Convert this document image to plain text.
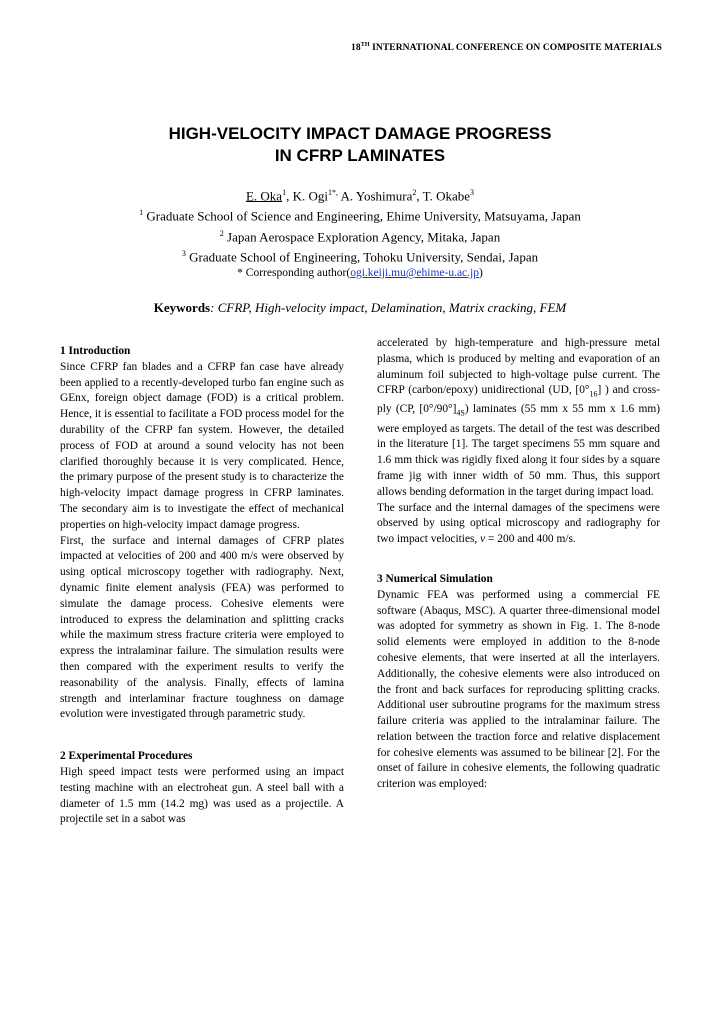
18TH INTERNATIONAL CONFERENCE ON COMPOSITE MATERIALS
HIGH-VELOCITY IMPACT DAMAGE PROGRESS
IN CFRP LAMINATES
E. Oka$^1$, K. Ogi$^{1*,}$ A. Yoshimura$^2$, T. Okabe$^3$
$^1$ Graduate School of Science and Engineering, Ehime University, Matsuyama, Japan
$^2$ Japan Aerospace Exploration Agency, Mitaka, Japan
$^3$ Graduate School of Engineering, Tohoku University, Sendai, Japan
* Corresponding author(ogi.keiji.mu@ehime-u.ac.jp)
Keywords: CFRP, High-velocity impact, Delamination, Matrix cracking, FEM

1 Introduction

Since CFRP fan blades and a CFRP fan case have already been applied to a recently-developed turbo fan engine such as GEnx, foreign object damage (FOD) is a critical problem. Hence, it is essential to facilitate a FOD process model for the durability of the CFRP fan system. However, the detailed process of FOD at around a sound velocity has not been clarified thoroughly because it is very complicated. Hence, the primary purpose of the present study is to characterize the high-velocity impact damage progress in CFRP laminates. The secondary aim is to investigate the effect of mechanical properties on high-velocity impact damage progress.

First, the surface and internal damages of CFRP plates impacted at velocities of 200 and 400 m/s were observed by using optical microscopy together with radiography. Next, dynamic finite element analysis (FEA) was performed to simulate the damage process. Cohesive elements were introduced to express the delamination and splitting cracks while the maximum stress fracture criteria were employed to express the intralaminar failure. The simulation results were then compared with the experiment results to verify the reasonability of the analysis. Finally, effects of lamina strength and interlaminar fracture toughness on damage evolution were investigated through parametric study.

2 Experimental Procedures

High speed impact tests were performed using an impact testing machine with an electroheat gun. A steel ball with a diameter of 1.5 mm (14.2 mg) was used as a projectile. A projectile set in a sabot was

accelerated by high-temperature and high-pressure metal plasma, which is produced by melting and evaporation of an aluminum foil subjected to high-voltage pulse current. The CFRP (carbon/epoxy) unidirectional (UD, $[0^\circ_{16}]$ ) and cross-ply (CP, $[0^\circ/90^\circ]_{4S}$) laminates (55 mm x 55 mm x 1.6 mm) were employed as targets. The detail of the test was described in the literature [1]. The target specimens 55 mm square and 1.6 mm thick was rigidly fixed along it four sides by a square frame jig with inner width of 50 mm. Thus, this support allows bending deformation in the target during impact load.

The surface and the internal damages of the specimens were observed by using optical microscopy and radiography for two impact velocities, v = 200 and 400 m/s.

3 Numerical Simulation

Dynamic FEA was performed using a commercial FE software (Abaqus, MSC). A quarter three-dimensional model was adopted for symmetry as shown in Fig. 1. The 8-node solid elements were employed in addition to the 8-node cohesive elements, that were inserted at all the interlayers. Additionally, the cohesive elements were also introduced on the front and back surfaces for reproducing splitting cracks. Additional user subroutine programs for the maximum stress failure criteria was applied to the intralaminar failure. The relation between the traction force and relative displacement for cohesive elements was assumed to be bilinear [2]. For the onset of failure in cohesive elements, the following quadratic criterion was employed:
